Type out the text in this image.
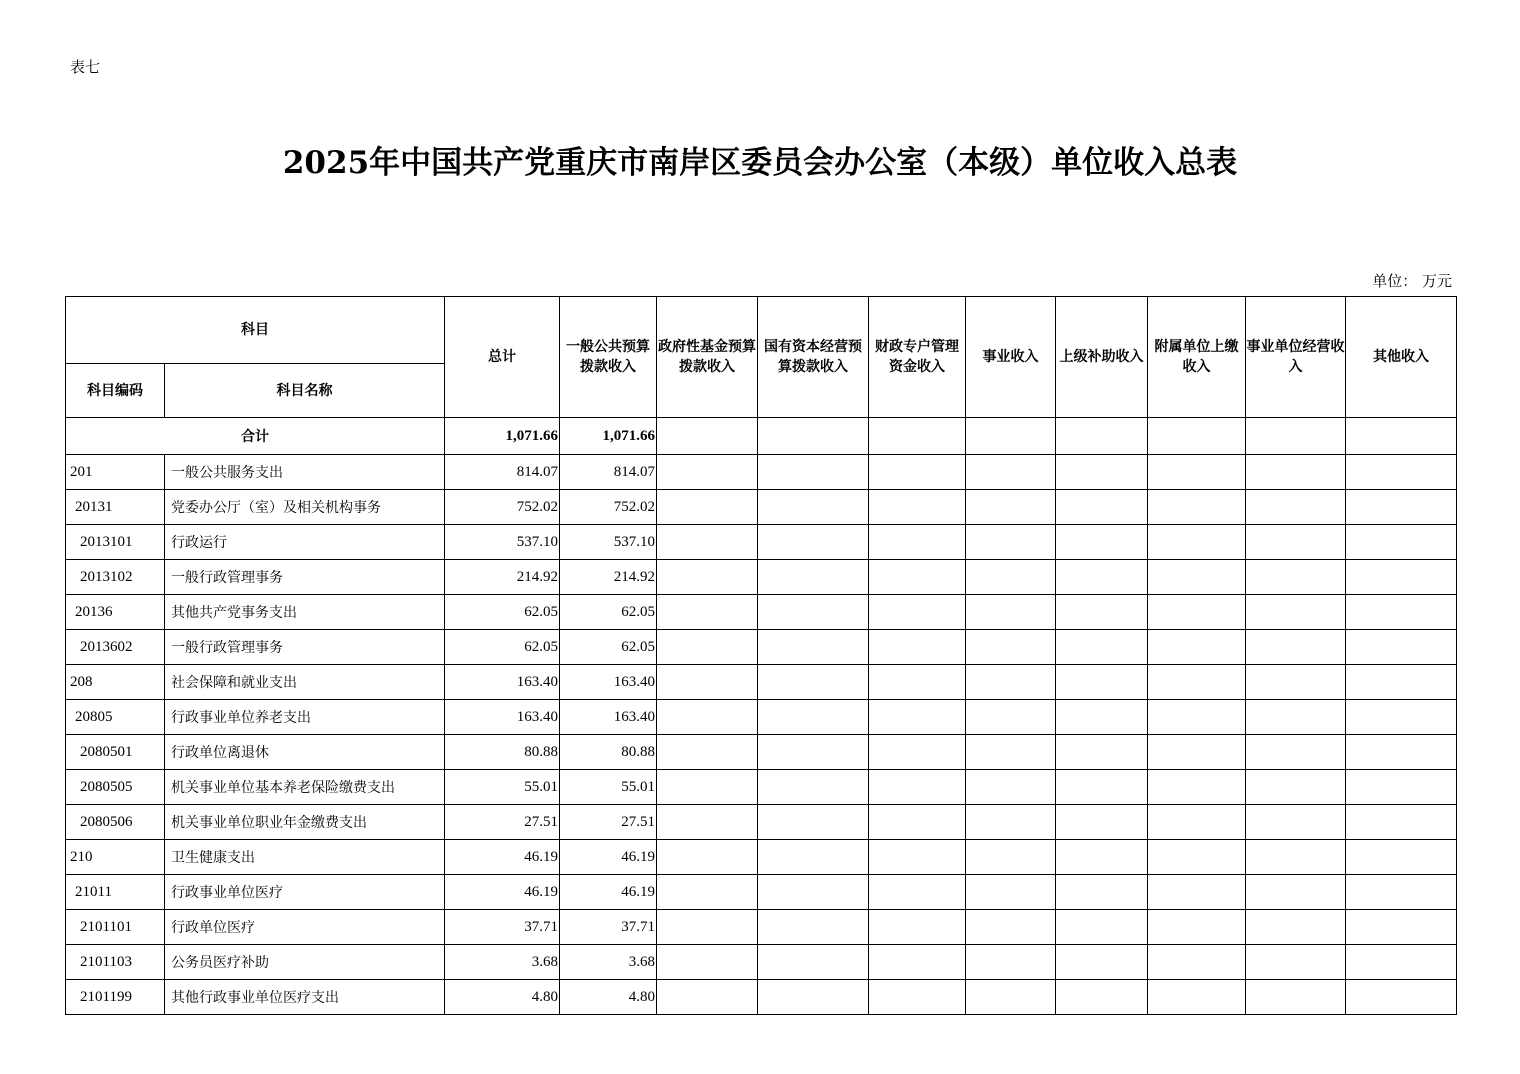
表七
2025年中国共产党重庆市南岸区委员会办公室（本级）单位收入总表
单位： 万元
科目		总计	一般公共预算拨款收入	政府性基金预算拨款收入	国有资本经营预算拨款收入	财政专户管理资金收入	事业收入	上级补助收入	附属单位上缴收入	事业单位经营收入	其他收入
科目编码	科目名称										
合计		1,071.66	1,071.66								
201	一般公共服务支出	814.07	814.07								
20131	党委办公厅（室）及相关机构事务	752.02	752.02								
2013101	行政运行	537.10	537.10								
2013102	一般行政管理事务	214.92	214.92								
20136	其他共产党事务支出	62.05	62.05								
2013602	一般行政管理事务	62.05	62.05								
208	社会保障和就业支出	163.40	163.40								
20805	行政事业单位养老支出	163.40	163.40								
2080501	行政单位离退休	80.88	80.88								
2080505	机关事业单位基本养老保险缴费支出	55.01	55.01								
2080506	机关事业单位职业年金缴费支出	27.51	27.51								
210	卫生健康支出	46.19	46.19								
21011	行政事业单位医疗	46.19	46.19								
2101101	行政单位医疗	37.71	37.71								
2101103	公务员医疗补助	3.68	3.68								
2101199	其他行政事业单位医疗支出	4.80	4.80								
